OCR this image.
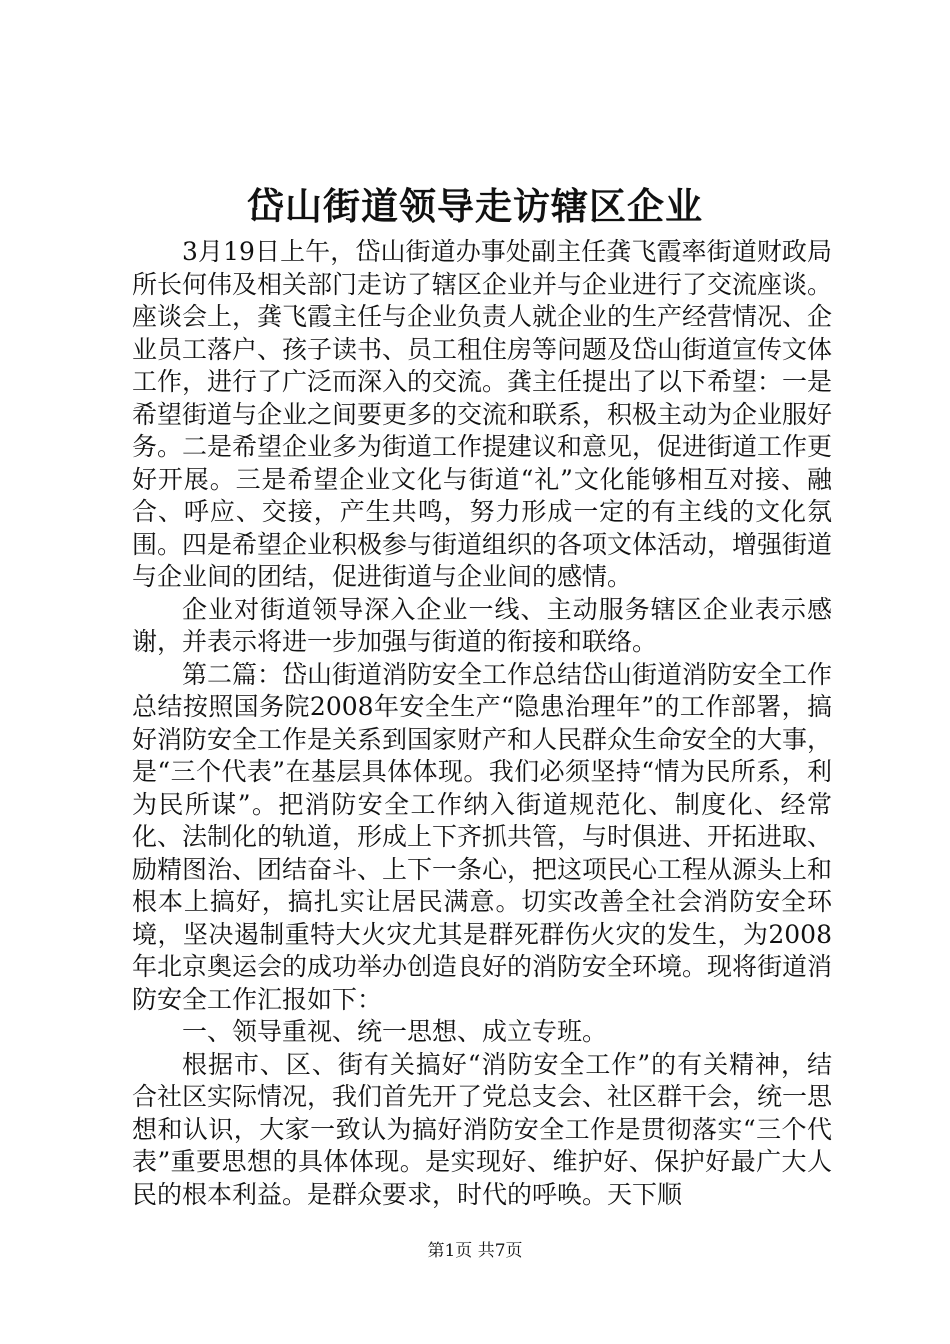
岱山街道领导走访辖区企业

3月19日上午，岱山街道办事处副主任龚飞霞率街道财政局所长何伟及相关部门走访了辖区企业并与企业进行了交流座谈。座谈会上，龚飞霞主任与企业负责人就企业的生产经营情况、企业员工落户、孩子读书、员工租住房等问题及岱山街道宣传文体工作，进行了广泛而深入的交流。龚主任提出了以下希望：一是希望街道与企业之间要更多的交流和联系，积极主动为企业服好务。二是希望企业多为街道工作提建议和意见，促进街道工作更好开展。三是希望企业文化与街道“礼”文化能够相互对接、融合、呼应、交接，产生共鸣，努力形成一定的有主线的文化氛围。四是希望企业积极参与街道组织的各项文体活动，增强街道与企业间的团结，促进街道与企业间的感情。

企业对街道领导深入企业一线、主动服务辖区企业表示感谢，并表示将进一步加强与街道的衔接和联络。

第二篇：岱山街道消防安全工作总结岱山街道消防安全工作总结按照国务院2008年安全生产“隐患治理年”的工作部署，搞好消防安全工作是关系到国家财产和人民群众生命安全的大事，是“三个代表”在基层具体体现。我们必须坚持“情为民所系，利为民所谋”。把消防安全工作纳入街道规范化、制度化、经常化、法制化的轨道，形成上下齐抓共管，与时俱进、开拓进取、励精图治、团结奋斗、上下一条心，把这项民心工程从源头上和根本上搞好，搞扎实让居民满意。切实改善全社会消防安全环境，坚决遏制重特大火灾尤其是群死群伤火灾的发生，为2008年北京奥运会的成功举办创造良好的消防安全环境。现将街道消防安全工作汇报如下：

一、领导重视、统一思想、成立专班。

根据市、区、街有关搞好“消防安全工作”的有关精神，结合社区实际情况，我们首先开了党总支会、社区群干会，统一思想和认识，大家一致认为搞好消防安全工作是贯彻落实“三个代表”重要思想的具体体现。是实现好、维护好、保护好最广大人民的根本利益。是群众要求，时代的呼唤。天下顺

第1页 共7页
